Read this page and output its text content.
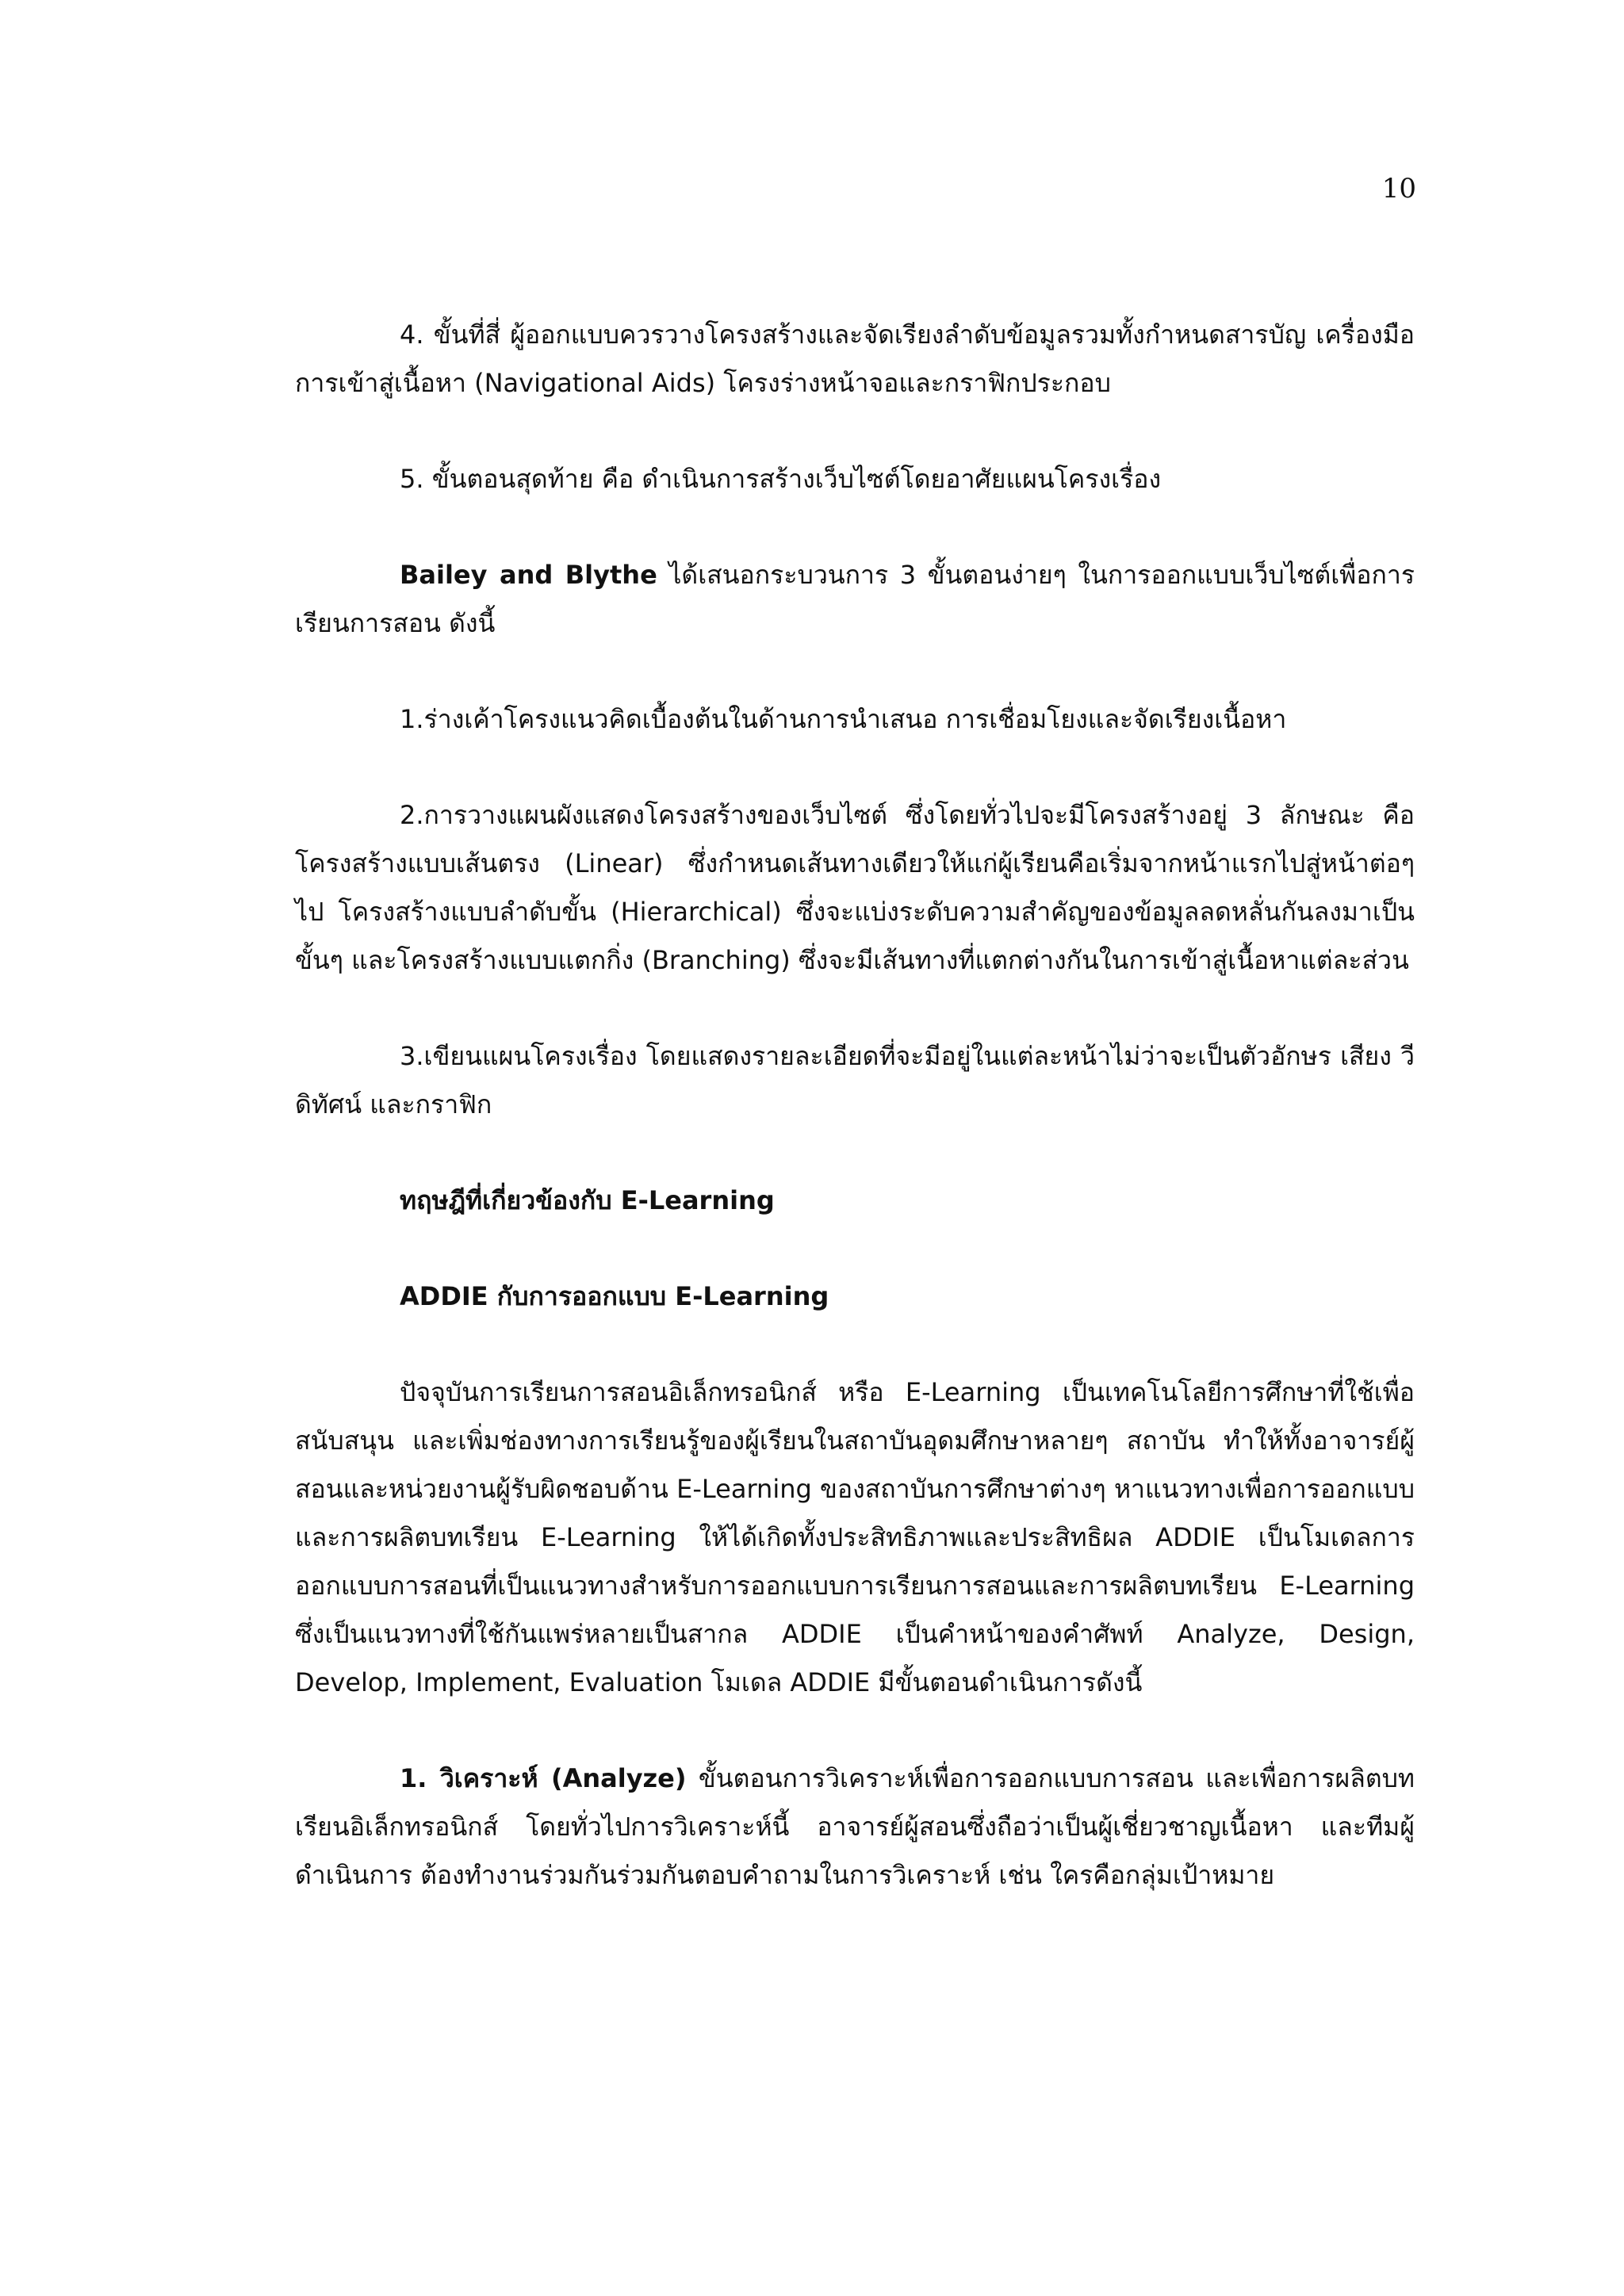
10

4. ขั้นที่สี่ ผู้ออกแบบควรวางโครงสร้างและจัดเรียงลำดับข้อมูลรวมทั้งกำหนดสารบัญ เครื่องมือ การเข้าสู่เนื้อหา (Navigational Aids) โครงร่างหน้าจอและกราฟิกประกอบ

5. ขั้นตอนสุดท้าย คือ ดำเนินการสร้างเว็บไซต์โดยอาศัยแผนโครงเรื่อง

Bailey and Blythe ได้เสนอกระบวนการ 3 ขั้นตอนง่ายๆ ในการออกแบบเว็บไซต์เพื่อการเรียนการสอน ดังนี้

1.ร่างเค้าโครงแนวคิดเบื้องต้นในด้านการนำเสนอ การเชื่อมโยงและจัดเรียงเนื้อหา

2.การวางแผนผังแสดงโครงสร้างของเว็บไซต์ ซึ่งโดยทั่วไปจะมีโครงสร้างอยู่ 3 ลักษณะ คือ โครงสร้างแบบเส้นตรง (Linear) ซึ่งกำหนดเส้นทางเดียวให้แก่ผู้เรียนคือเริ่มจากหน้าแรกไปสู่หน้าต่อๆ ไป โครงสร้างแบบลำดับขั้น (Hierarchical) ซึ่งจะแบ่งระดับความสำคัญของข้อมูลลดหลั่นกันลงมาเป็นขั้นๆ และโครงสร้างแบบแตกกิ่ง (Branching) ซึ่งจะมีเส้นทางที่แตกต่างกันในการเข้าสู่เนื้อหาแต่ละส่วน

3.เขียนแผนโครงเรื่อง โดยแสดงรายละเอียดที่จะมีอยู่ในแต่ละหน้าไม่ว่าจะเป็นตัวอักษร เสียง วีดิทัศน์ และกราฟิก

ทฤษฎีที่เกี่ยวข้องกับ E-Learning

ADDIE กับการออกแบบ E-Learning

ปัจจุบันการเรียนการสอนอิเล็กทรอนิกส์ หรือ E-Learning เป็นเทคโนโลยีการศึกษาที่ใช้เพื่อสนับสนุน และเพิ่มช่องทางการเรียนรู้ของผู้เรียนในสถาบันอุดมศึกษาหลายๆ สถาบัน ทำให้ทั้งอาจารย์ผู้สอนและหน่วยงานผู้รับผิดชอบด้าน E-Learning ของสถาบันการศึกษาต่างๆ หาแนวทางเพื่อการออกแบบและการผลิตบทเรียน E-Learning ให้ได้เกิดทั้งประสิทธิภาพและประสิทธิผล ADDIE เป็นโมเดลการออกแบบการสอนที่เป็นแนวทางสำหรับการออกแบบการเรียนการสอนและการผลิตบทเรียน E-Learning ซึ่งเป็นแนวทางที่ใช้กันแพร่หลายเป็นสากล ADDIE เป็นคำหน้าของคำศัพท์ Analyze, Design, Develop, Implement, Evaluation โมเดล ADDIE มีขั้นตอนดำเนินการดังนี้

1. วิเคราะห์ (Analyze) ขั้นตอนการวิเคราะห์เพื่อการออกแบบการสอน และเพื่อการผลิตบทเรียนอิเล็กทรอนิกส์ โดยทั่วไปการวิเคราะห์นี้ อาจารย์ผู้สอนซึ่งถือว่าเป็นผู้เชี่ยวชาญเนื้อหา และทีมผู้ดำเนินการ ต้องทำงานร่วมกันร่วมกันตอบคำถามในการวิเคราะห์ เช่น ใครคือกลุ่มเป้าหมาย
